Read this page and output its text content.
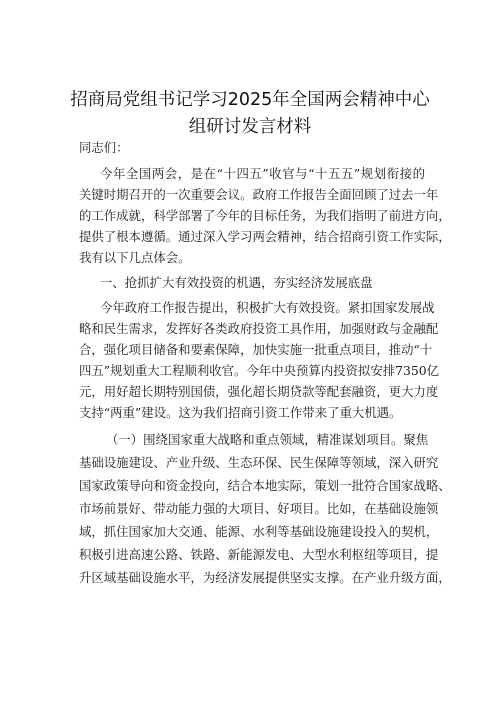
招商局党组书记学习2025年全国两会精神中心
组研讨发言材料
同志们：
今年全国两会，是在“十四五”收官与“十五五”规划衔接的
关键时期召开的一次重要会议。政府工作报告全面回顾了过去一年
的工作成就，科学部署了今年的目标任务，为我们指明了前进方向，
提供了根本遵循。通过深入学习两会精神，结合招商引资工作实际，
我有以下几点体会。
一、抢抓扩大有效投资的机遇，夯实经济发展底盘
今年政府工作报告提出，积极扩大有效投资。紧扣国家发展战
略和民生需求，发挥好各类政府投资工具作用，加强财政与金融配
合，强化项目储备和要素保障，加快实施一批重点项目，推动“十
四五”规划重大工程顺利收官。今年中央预算内投资拟安排7350亿
元，用好超长期特别国债，强化超长期贷款等配套融资，更大力度
支持“两重”建设。这为我们招商引资工作带来了重大机遇。
（一）围绕国家重大战略和重点领域，精准谋划项目。聚焦
基础设施建设、产业升级、生态环保、民生保障等领域，深入研究
国家政策导向和资金投向，结合本地实际，策划一批符合国家战略、
市场前景好、带动能力强的大项目、好项目。比如，在基础设施领
域，抓住国家加大交通、能源、水利等基础设施建设投入的契机，
积极引进高速公路、铁路、新能源发电、大型水利枢纽等项目，提
升区域基础设施水平，为经济发展提供坚实支撑。在产业升级方面，
